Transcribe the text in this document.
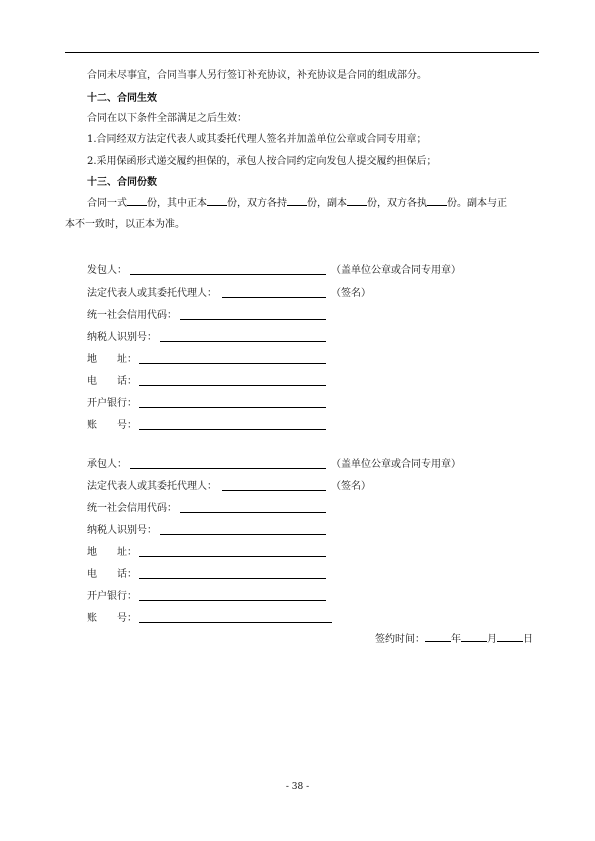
合同未尽事宜，合同当事人另行签订补充协议，补充协议是合同的组成部分。
十二、合同生效
合同在以下条件全部满足之后生效：
1.合同经双方法定代表人或其委托代理人签名并加盖单位公章或合同专用章；
2.采用保函形式递交履约担保的，承包人按合同约定向发包人提交履约担保后；
十三、合同份数
合同一式 份，其中正本 份，双方各持 份，副本 份，双方各执 份。副本与正
本不一致时，以正本为准。
发包人：	（盖单位公章或合同专用章）
法定代表人或其委托代理人：	（签名）
统一社会信用代码：
纳税人识别号：
地　　址：
电　　话：
开户银行：
账　　号：
承包人：	（盖单位公章或合同专用章）
法定代表人或其委托代理人：	（签名）
统一社会信用代码：
纳税人识别号：
地　　址：
电　　话：
开户银行：
账　　号：
签约时间：	年	月	日
- 38 -
